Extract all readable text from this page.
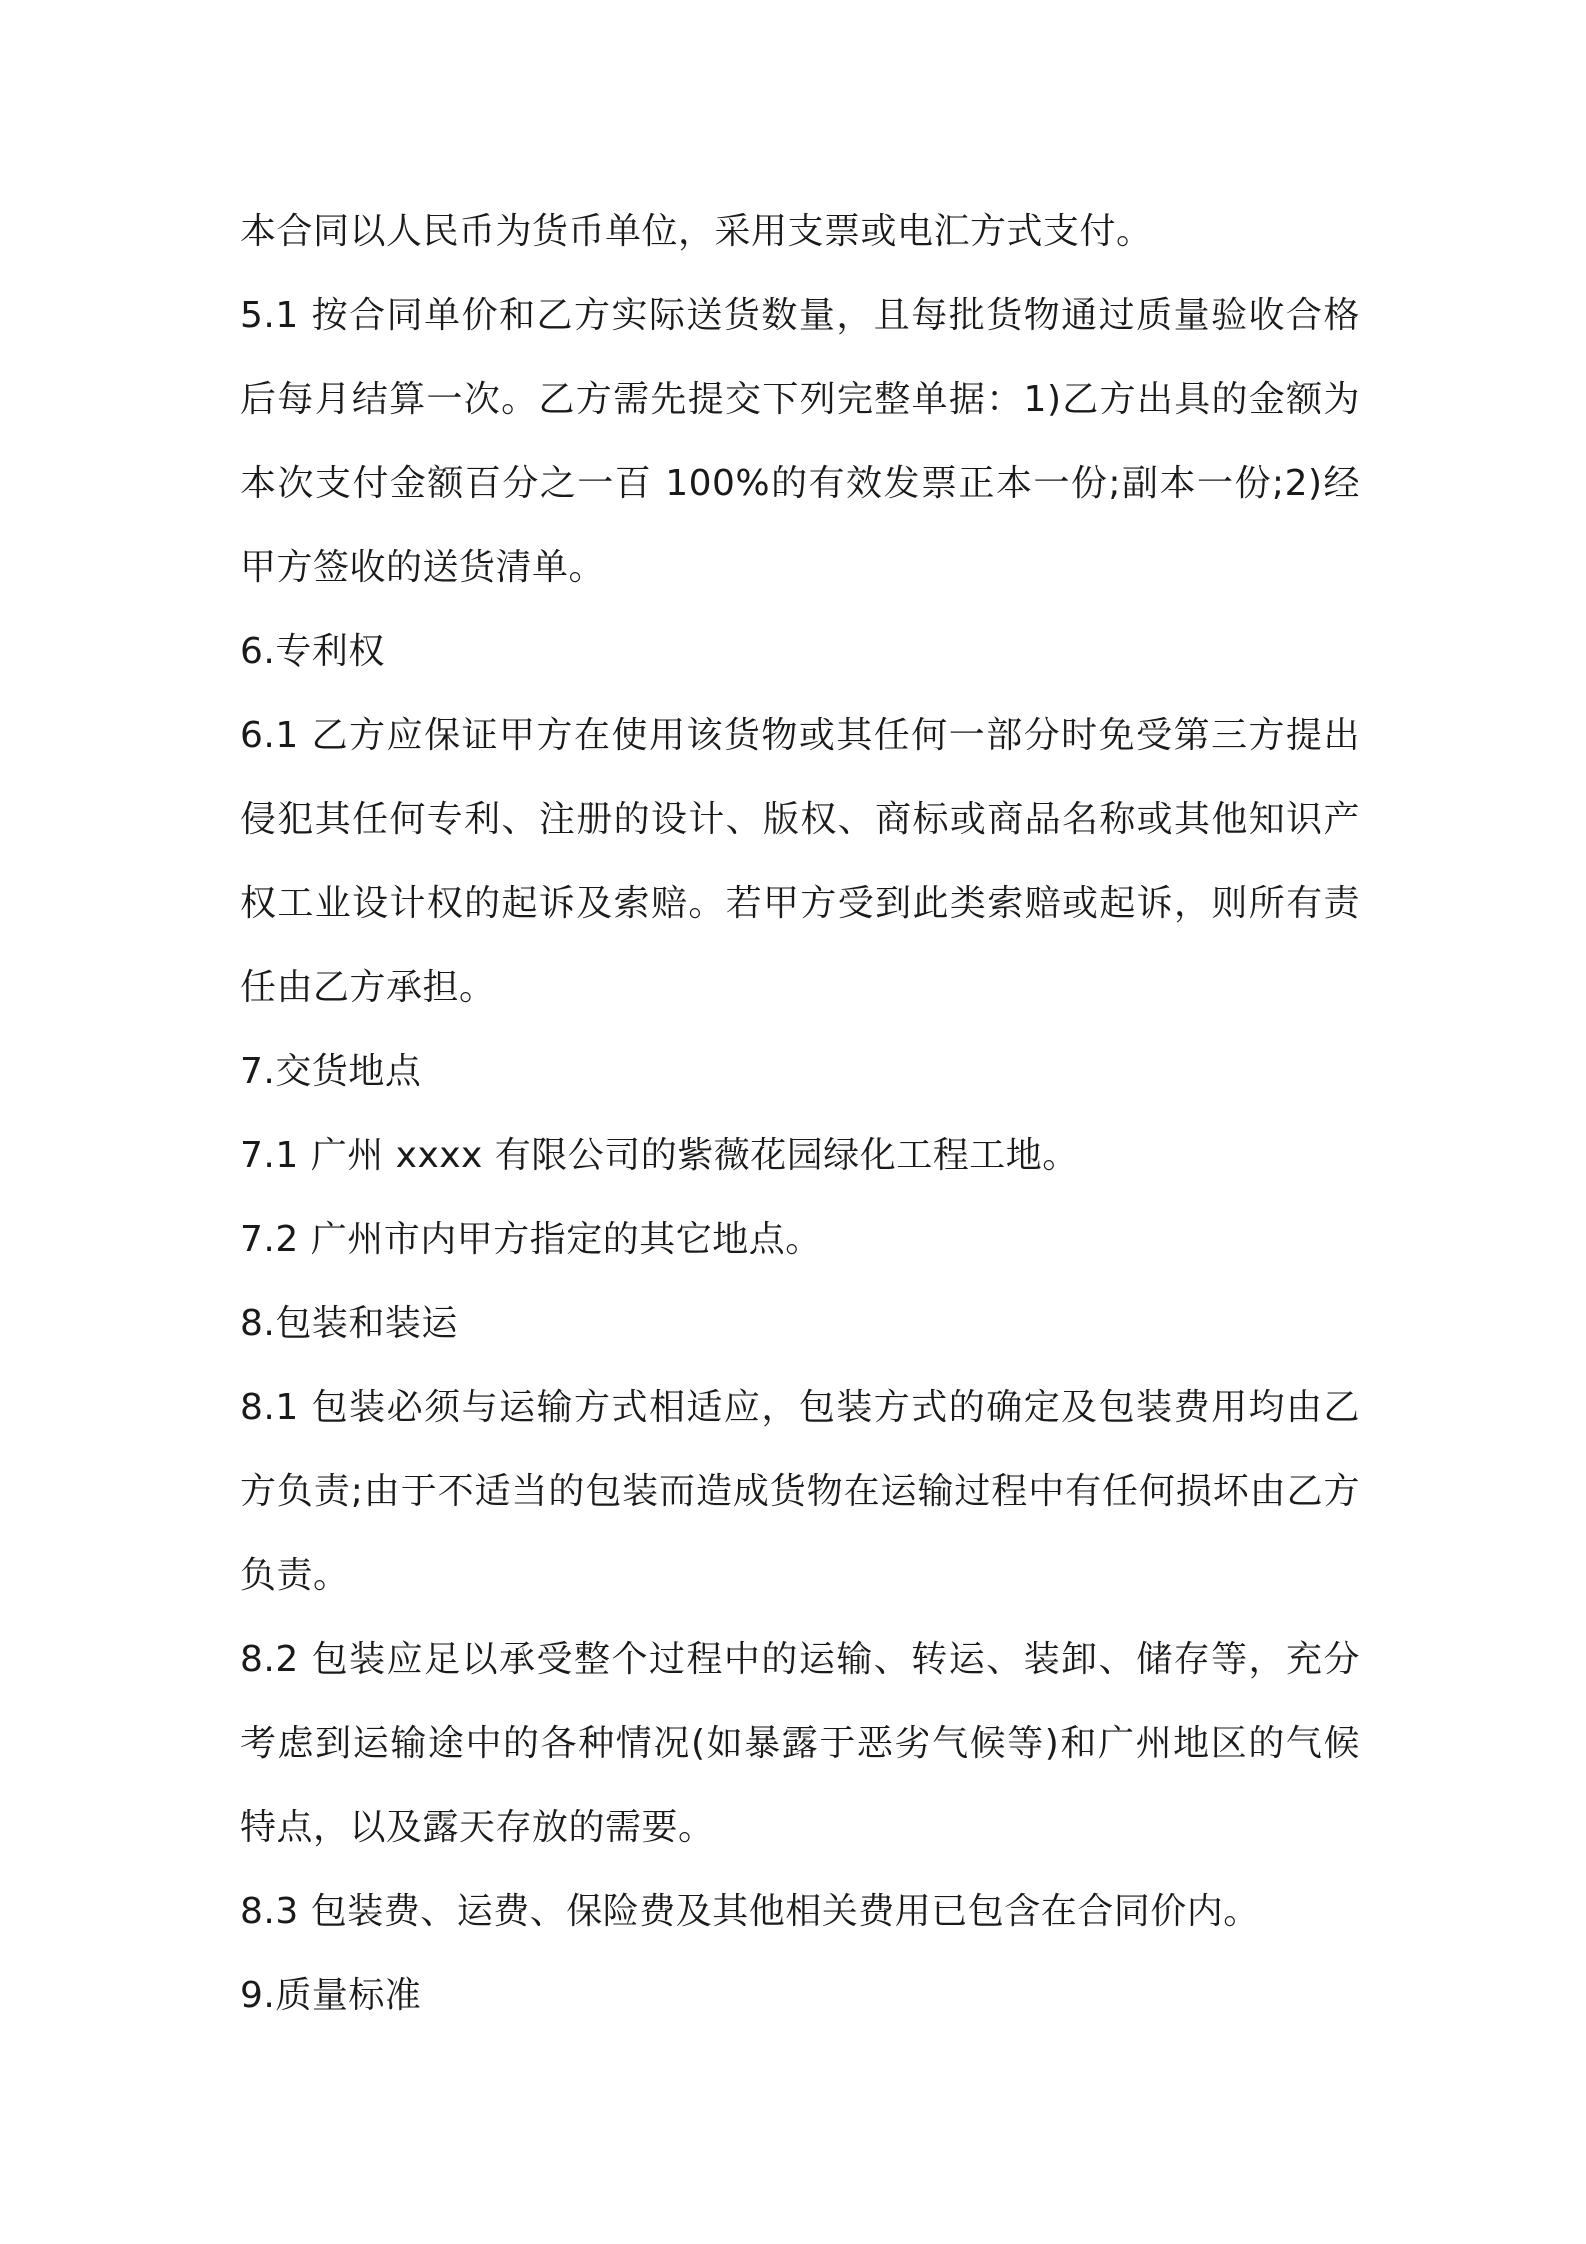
本合同以人民币为货币单位，采用支票或电汇方式支付。

5.1 按合同单价和乙方实际送货数量，且每批货物通过质量验收合格后每月结算一次。乙方需先提交下列完整单据：1)乙方出具的金额为本次支付金额百分之一百 100%的有效发票正本一份;副本一份;2)经甲方签收的送货清单。

6.专利权

6.1 乙方应保证甲方在使用该货物或其任何一部分时免受第三方提出侵犯其任何专利、注册的设计、版权、商标或商品名称或其他知识产权工业设计权的起诉及索赔。若甲方受到此类索赔或起诉，则所有责任由乙方承担。

7.交货地点

7.1 广州 xxxx 有限公司的紫薇花园绿化工程工地。

7.2 广州市内甲方指定的其它地点。

8.包装和装运

8.1 包装必须与运输方式相适应，包装方式的确定及包装费用均由乙方负责;由于不适当的包装而造成货物在运输过程中有任何损坏由乙方负责。

8.2 包装应足以承受整个过程中的运输、转运、装卸、储存等，充分考虑到运输途中的各种情况(如暴露于恶劣气候等)和广州地区的气候特点，以及露天存放的需要。

8.3 包装费、运费、保险费及其他相关费用已包含在合同价内。

9.质量标准
